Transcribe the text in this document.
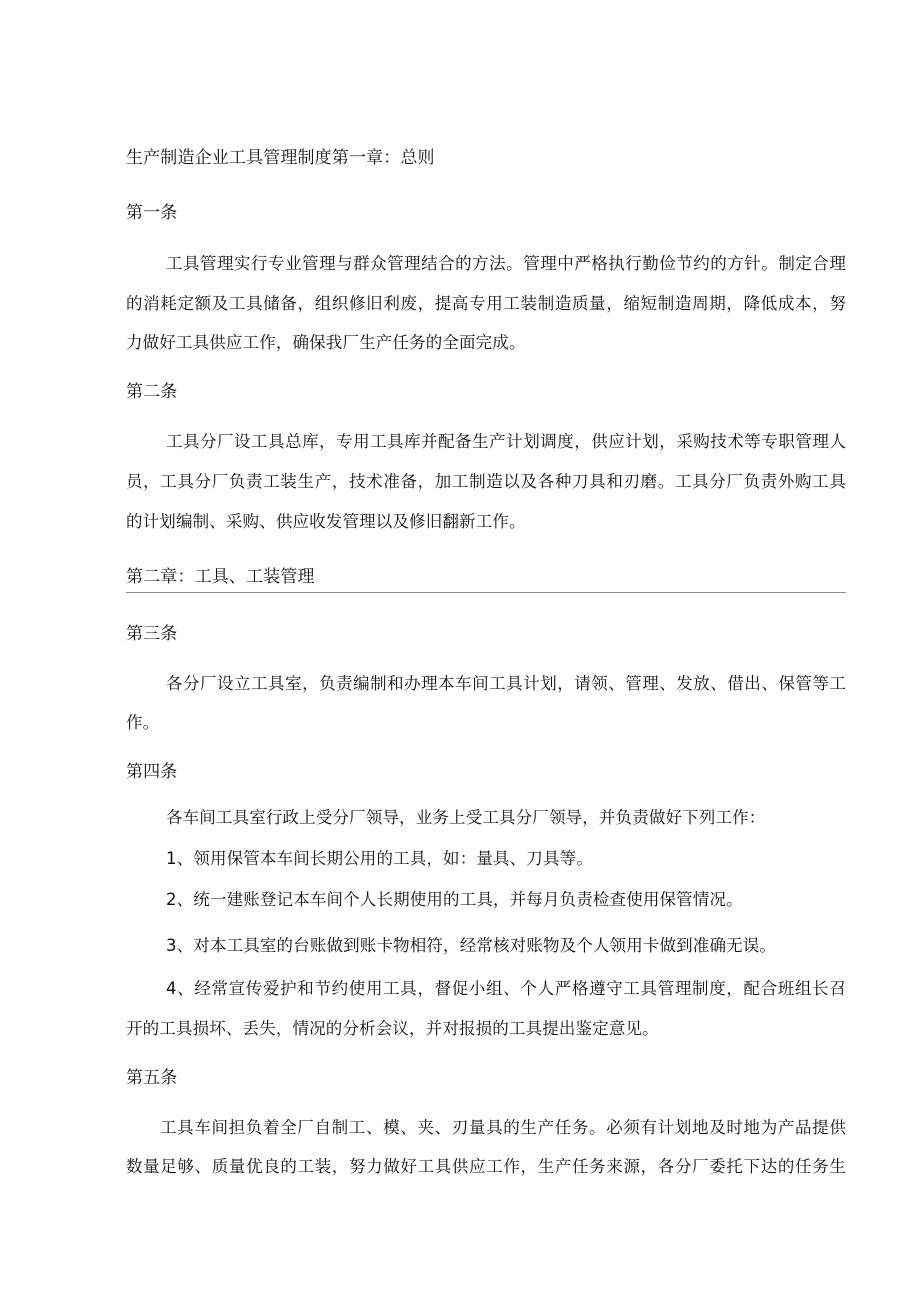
生产制造企业工具管理制度第一章：总则
第一条
工具管理实行专业管理与群众管理结合的方法。管理中严格执行勤俭节约的方针。制定合理
的消耗定额及工具储备，组织修旧利废，提高专用工装制造质量，缩短制造周期，降低成本，努
力做好工具供应工作，确保我厂生产任务的全面完成。
第二条
工具分厂设工具总库，专用工具库并配备生产计划调度，供应计划，采购技术等专职管理人
员，工具分厂负责工装生产，技术准备，加工制造以及各种刀具和刃磨。工具分厂负责外购工具
的计划编制、采购、供应收发管理以及修旧翻新工作。
第二章：工具、工装管理
第三条
各分厂设立工具室，负责编制和办理本车间工具计划，请领、管理、发放、借出、保管等工
作。
第四条
各车间工具室行政上受分厂领导，业务上受工具分厂领导，并负责做好下列工作：
1、领用保管本车间长期公用的工具，如：量具、刀具等。
2、统一建账登记本车间个人长期使用的工具，并每月负责检查使用保管情况。
3、对本工具室的台账做到账卡物相符，经常核对账物及个人领用卡做到准确无误。
4、经常宣传爱护和节约使用工具，督促小组、个人严格遵守工具管理制度，配合班组长召
开的工具损坏、丢失，情况的分析会议，并对报损的工具提出鉴定意见。
第五条
工具车间担负着全厂自制工、模、夹、刃量具的生产任务。必须有计划地及时地为产品提供
数量足够、质量优良的工装，努力做好工具供应工作，生产任务来源，各分厂委托下达的任务生
